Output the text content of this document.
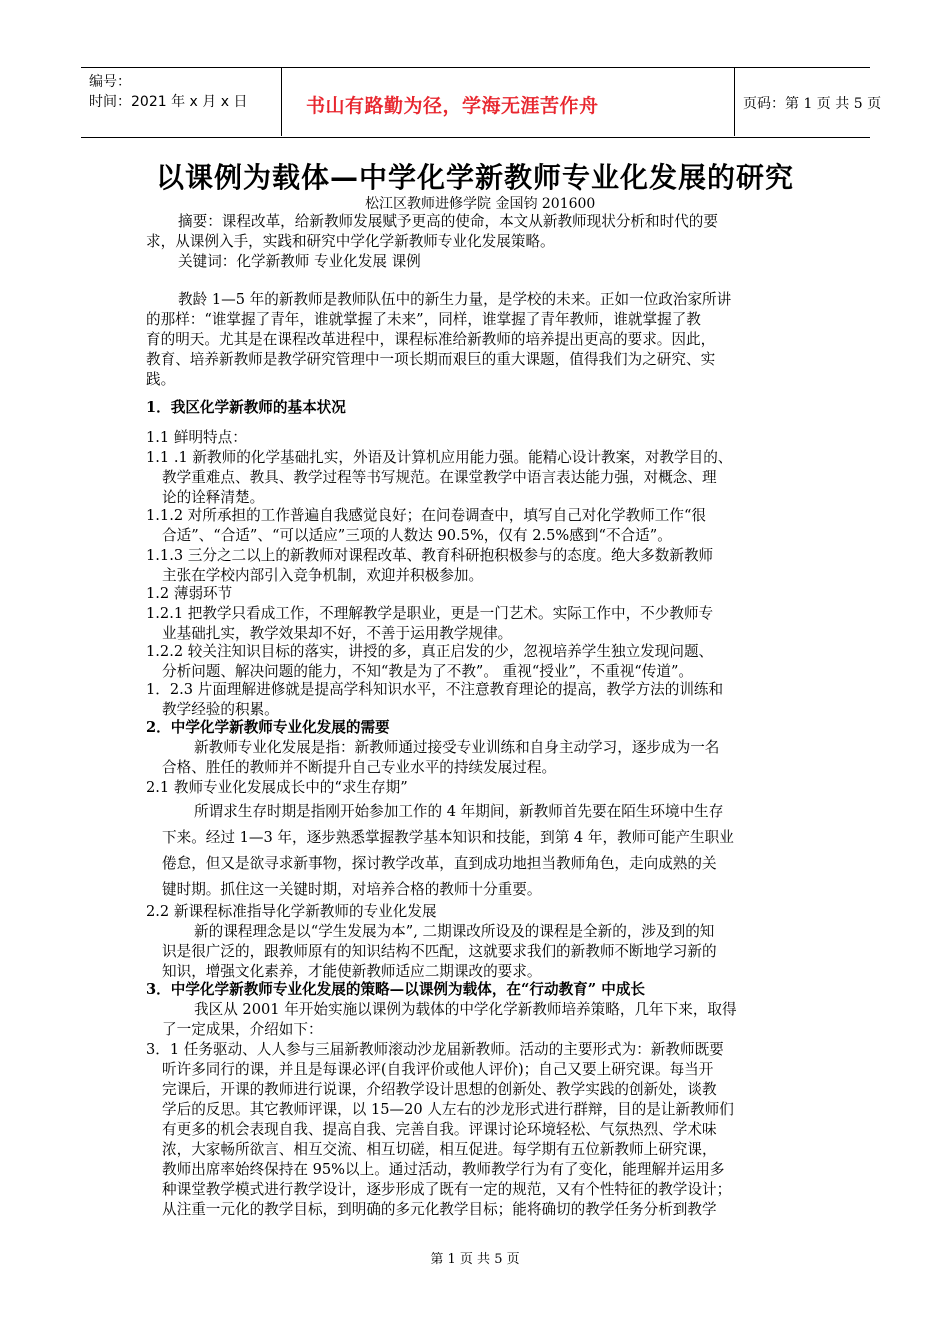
编号：
时间：2021 年 x 月 x 日	书山有路勤为径，学海无涯苦作舟	页码：第 1 页 共 5 页
以课例为载体—中学化学新教师专业化发展的研究
松江区教师进修学院 金国钧 201600
摘要：课程改革，给新教师发展赋予更高的使命，本文从新教师现状分析和时代的要
求，从课例入手，实践和研究中学化学新教师专业化发展策略。
关键词：化学新教师 专业化发展 课例
教龄 1—5 年的新教师是教师队伍中的新生力量，是学校的未来。正如一位政治家所讲
的那样：“谁掌握了青年，谁就掌握了未来”，同样，谁掌握了青年教师，谁就掌握了教
育的明天。尤其是在课程改革进程中，课程标准给新教师的培养提出更高的要求。因此，
教育、培养新教师是教学研究管理中一项长期而艰巨的重大课题，值得我们为之研究、实
践。
1．我区化学新教师的基本状况
1.1 鲜明特点：
1.1 .1 新教师的化学基础扎实，外语及计算机应用能力强。能精心设计教案，对教学目的、
教学重难点、教具、教学过程等书写规范。在课堂教学中语言表达能力强，对概念、理
论的诠释清楚。
1.1.2 对所承担的工作普遍自我感觉良好；在问卷调查中，填写自己对化学教师工作“很
合适”、“合适”、“可以适应”三项的人数达 90.5%，仅有 2.5%感到“不合适”。
1.1.3 三分之二以上的新教师对课程改革、教育科研抱积极参与的态度。绝大多数新教师
主张在学校内部引入竞争机制，欢迎并积极参加。
1.2 薄弱环节
1.2.1 把教学只看成工作，不理解教学是职业，更是一门艺术。实际工作中，不少教师专
业基础扎实，教学效果却不好，不善于运用教学规律。
1.2.2 较关注知识目标的落实，讲授的多，真正启发的少，忽视培养学生独立发现问题、
分析问题、解决问题的能力，不知“教是为了不教”。 重视“授业”，不重视“传道”。
1．2.3 片面理解进修就是提高学科知识水平，不注意教育理论的提高，教学方法的训练和
教学经验的积累。
2．中学化学新教师专业化发展的需要
新教师专业化发展是指：新教师通过接受专业训练和自身主动学习，逐步成为一名
合格、胜任的教师并不断提升自己专业水平的持续发展过程。
2.1 教师专业化发展成长中的“求生存期”
所谓求生存时期是指刚开始参加工作的 4 年期间，新教师首先要在陌生环境中生存
下来。经过 1—3 年，逐步熟悉掌握教学基本知识和技能，到第 4 年，教师可能产生职业
倦怠，但又是欲寻求新事物，探讨教学改革，直到成功地担当教师角色，走向成熟的关
键时期。抓住这一关键时期，对培养合格的教师十分重要。
2.2 新课程标准指导化学新教师的专业化发展
新的课程理念是以“学生发展为本”, 二期课改所设及的课程是全新的，涉及到的知
识是很广泛的，跟教师原有的知识结构不匹配，这就要求我们的新教师不断地学习新的
知识，增强文化素养，才能使新教师适应二期课改的要求。
3．中学化学新教师专业化发展的策略—以课例为载体，在“行动教育” 中成长
我区从 2001 年开始实施以课例为载体的中学化学新教师培养策略，几年下来，取得
了一定成果，介绍如下：
3．1 任务驱动、人人参与三届新教师滚动沙龙届新教师。活动的主要形式为：新教师既要
听许多同行的课，并且是每课必评(自我评价或他人评价)；自己又要上研究课。每当开
完课后，开课的教师进行说课，介绍教学设计思想的创新处、教学实践的创新处，谈教
学后的反思。其它教师评课，以 15—20 人左右的沙龙形式进行群辩，目的是让新教师们
有更多的机会表现自我、提高自我、完善自我。评课讨论环境轻松、气氛热烈、学术味
浓，大家畅所欲言、相互交流、相互切磋，相互促进。每学期有五位新教师上研究课，
教师出席率始终保持在 95%以上。通过活动，教师教学行为有了变化，能理解并运用多
种课堂教学模式进行教学设计，逐步形成了既有一定的规范，又有个性特征的教学设计；
从注重一元化的教学目标，到明确的多元化教学目标；能将确切的教学任务分析到教学
第 1 页 共 5 页
